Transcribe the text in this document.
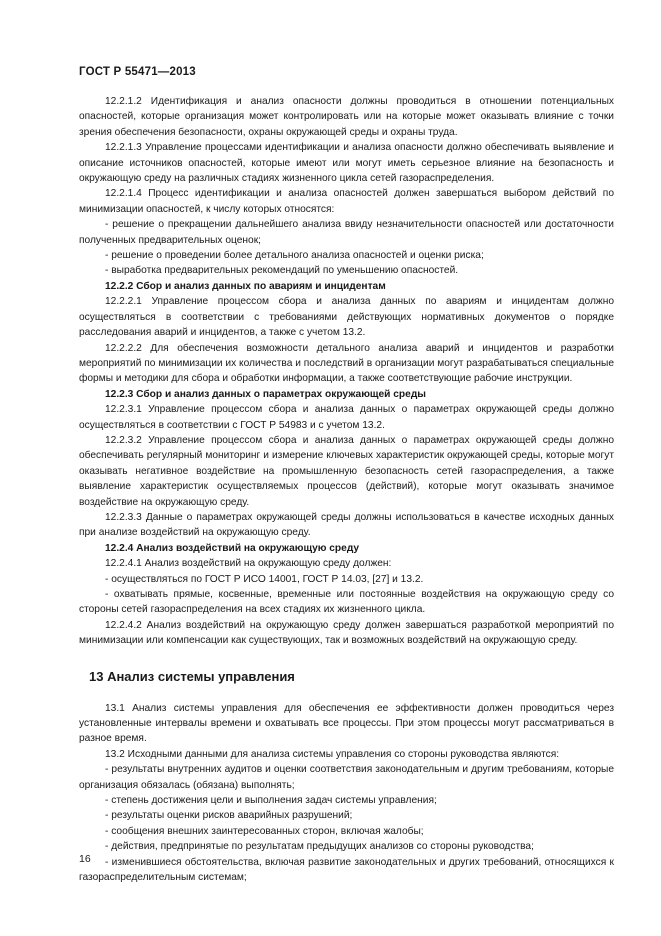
ГОСТ Р 55471—2013

12.2.1.2 Идентификация и анализ опасности должны проводиться в отношении потенциальных опасностей, которые организация может контролировать или на которые может оказывать влияние с точки зрения обеспечения безопасности, охраны окружающей среды и охраны труда.

12.2.1.3 Управление процессами идентификации и анализа опасности должно обеспечивать выявление и описание источников опасностей, которые имеют или могут иметь серьезное влияние на безопасность и окружающую среду на различных стадиях жизненного цикла сетей газораспределения.

12.2.1.4 Процесс идентификации и анализа опасностей должен завершаться выбором действий по минимизации опасностей, к числу которых относятся:

- решение о прекращении дальнейшего анализа ввиду незначительности опасностей или достаточности полученных предварительных оценок;

- решение о проведении более детального анализа опасностей и оценки риска;

- выработка предварительных рекомендаций по уменьшению опасностей.

12.2.2 Сбор и анализ данных по авариям и инцидентам

12.2.2.1 Управление процессом сбора и анализа данных по авариям и инцидентам должно осуществляться в соответствии с требованиями действующих нормативных документов о порядке расследования аварий и инцидентов, а также с учетом 13.2.

12.2.2.2 Для обеспечения возможности детального анализа аварий и инцидентов и разработки мероприятий по минимизации их количества и последствий в организации могут разрабатываться специальные формы и методики для сбора и обработки информации, а также соответствующие рабочие инструкции.

12.2.3 Сбор и анализ данных о параметрах окружающей среды

12.2.3.1 Управление процессом сбора и анализа данных о параметрах окружающей среды должно осуществляться в соответствии с ГОСТ Р 54983 и с учетом 13.2.

12.2.3.2 Управление процессом сбора и анализа данных о параметрах окружающей среды должно обеспечивать регулярный мониторинг и измерение ключевых характеристик окружающей среды, которые могут оказывать негативное воздействие на промышленную безопасность сетей газораспределения, а также выявление характеристик осуществляемых процессов (действий), которые могут оказывать значимое воздействие на окружающую среду.

12.2.3.3 Данные о параметрах окружающей среды должны использоваться в качестве исходных данных при анализе воздействий на окружающую среду.

12.2.4 Анализ воздействий на окружающую среду

12.2.4.1 Анализ воздействий на окружающую среду должен:

- осуществляться по ГОСТ Р ИСО 14001, ГОСТ Р 14.03, [27] и 13.2.

- охватывать прямые, косвенные, временные или постоянные воздействия на окружающую среду со стороны сетей газораспределения на всех стадиях их жизненного цикла.

12.2.4.2 Анализ воздействий на окружающую среду должен завершаться разработкой мероприятий по минимизации или компенсации как существующих, так и возможных воздействий на окружающую среду.

13 Анализ системы управления

13.1 Анализ системы управления для обеспечения ее эффективности должен проводиться через установленные интервалы времени и охватывать все процессы. При этом процессы могут рассматриваться в разное время.

13.2 Исходными данными для анализа системы управления со стороны руководства являются:

- результаты внутренних аудитов и оценки соответствия законодательным и другим требованиям, которые организация обязалась (обязана) выполнять;

- степень достижения цели и выполнения задач системы управления;

- результаты оценки рисков аварийных разрушений;

- сообщения внешних заинтересованных сторон, включая жалобы;

- действия, предпринятые по результатам предыдущих анализов со стороны руководства;

- изменившиеся обстоятельства, включая развитие законодательных и других требований, относящихся к газораспределительным системам;

16
